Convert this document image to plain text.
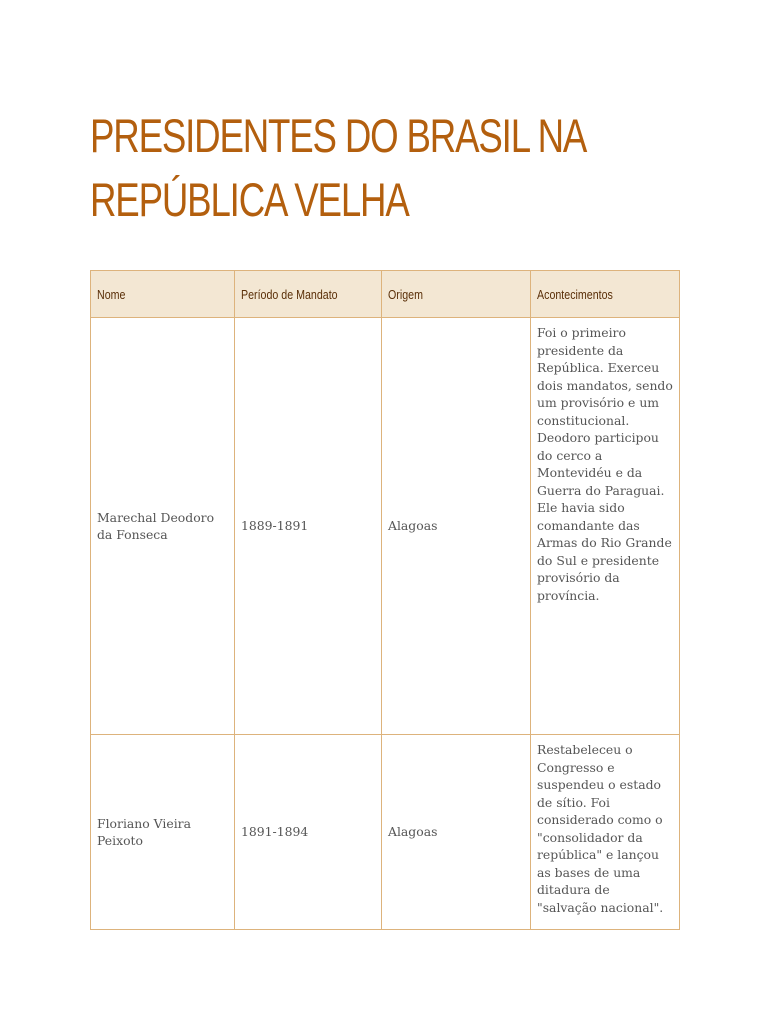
PRESIDENTES DO BRASIL NA
REPÚBLICA VELHA
Nome	Período de Mandato	Origem	Acontecimentos
Marechal Deodoro da Fonseca	1889-1891	Alagoas	Foi o primeiro presidente da República. Exerceu dois mandatos, sendo um provisório e um constitucional. Deodoro participou do cerco a Montevidéu e da Guerra do Paraguai. Ele havia sido comandante das Armas do Rio Grande do Sul e presidente provisório da província.
Floriano Vieira Peixoto	1891-1894	Alagoas	Restabeleceu o Congresso e suspendeu o estado de sítio. Foi considerado como o "consolidador da república" e lançou as bases de uma ditadura de "salvação nacional".
